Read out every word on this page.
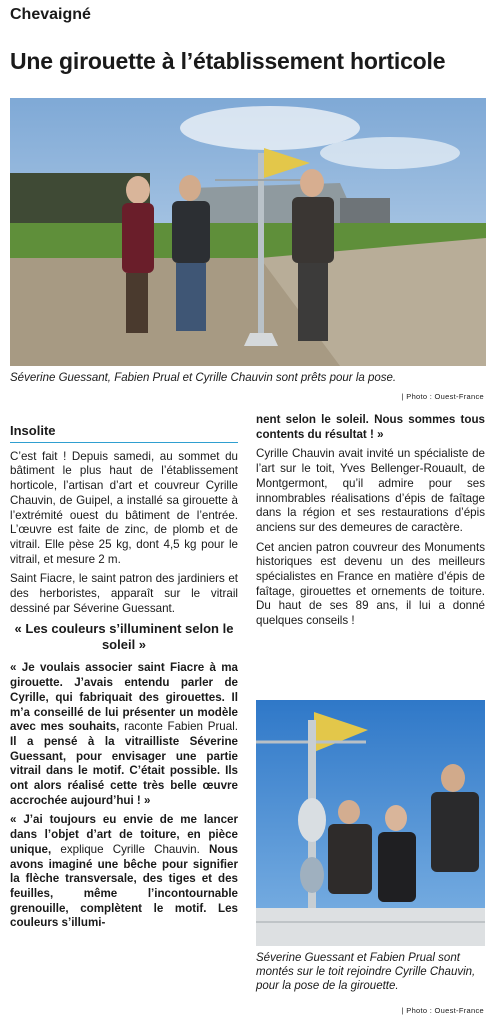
Chevaigné
Une girouette à l’établissement horticole
Séverine Guessant, Fabien Prual et Cyrille Chauvin sont prêts pour la pose.
| Photo : Ouest-France
Insolite

C’est fait ! Depuis samedi, au sommet du bâtiment le plus haut de l’établissement horticole, l’artisan d’art et couvreur Cyrille Chauvin, de Guipel, a installé sa girouette à l’extrémité ouest du bâtiment de l’entrée. L’œuvre est faite de zinc, de plomb et de vitrail. Elle pèse 25 kg, dont 4,5 kg pour le vitrail, et mesure 2 m.

Saint Fiacre, le saint patron des jardiniers et des herboristes, apparaît sur le vitrail dessiné par Séverine Guessant.

« Les couleurs s’illuminent selon le soleil »

« Je voulais associer saint Fiacre à ma girouette. J’avais entendu parler de Cyrille, qui fabriquait des girouettes. Il m’a conseillé de lui présenter un modèle avec mes souhaits, raconte Fabien Prual. Il a pensé à la vitrailliste Séverine Guessant, pour envisager une partie vitrail dans le motif. C’était possible. Ils ont alors réalisé cette très belle œuvre accrochée aujourd’hui ! »

« J’ai toujours eu envie de me lancer dans l’objet d’art de toiture, en pièce unique, explique Cyrille Chauvin. Nous avons imaginé une bêche pour signifier la flèche transversale, des tiges et des feuilles, même l’incontournable grenouille, complètent le motif. Les couleurs s’illumi-

nent selon le soleil. Nous sommes tous contents du résultat ! »

Cyrille Chauvin avait invité un spécialiste de l’art sur le toit, Yves Bellenger-Rouault, de Montgermont, qu’il admire pour ses innombrables réalisations d’épis de faîtage dans la région et ses restaurations d’épis anciens sur des demeures de caractère.

Cet ancien patron couvreur des Monuments historiques est devenu un des meilleurs spécialistes en France en matière d’épis de faîtage, girouettes et ornements de toiture. Du haut de ses 89 ans, il lui a donné quelques conseils !

Séverine Guessant et Fabien Prual sont montés sur le toit rejoindre Cyrille Chauvin, pour la pose de la girouette.
| Photo : Ouest-France
